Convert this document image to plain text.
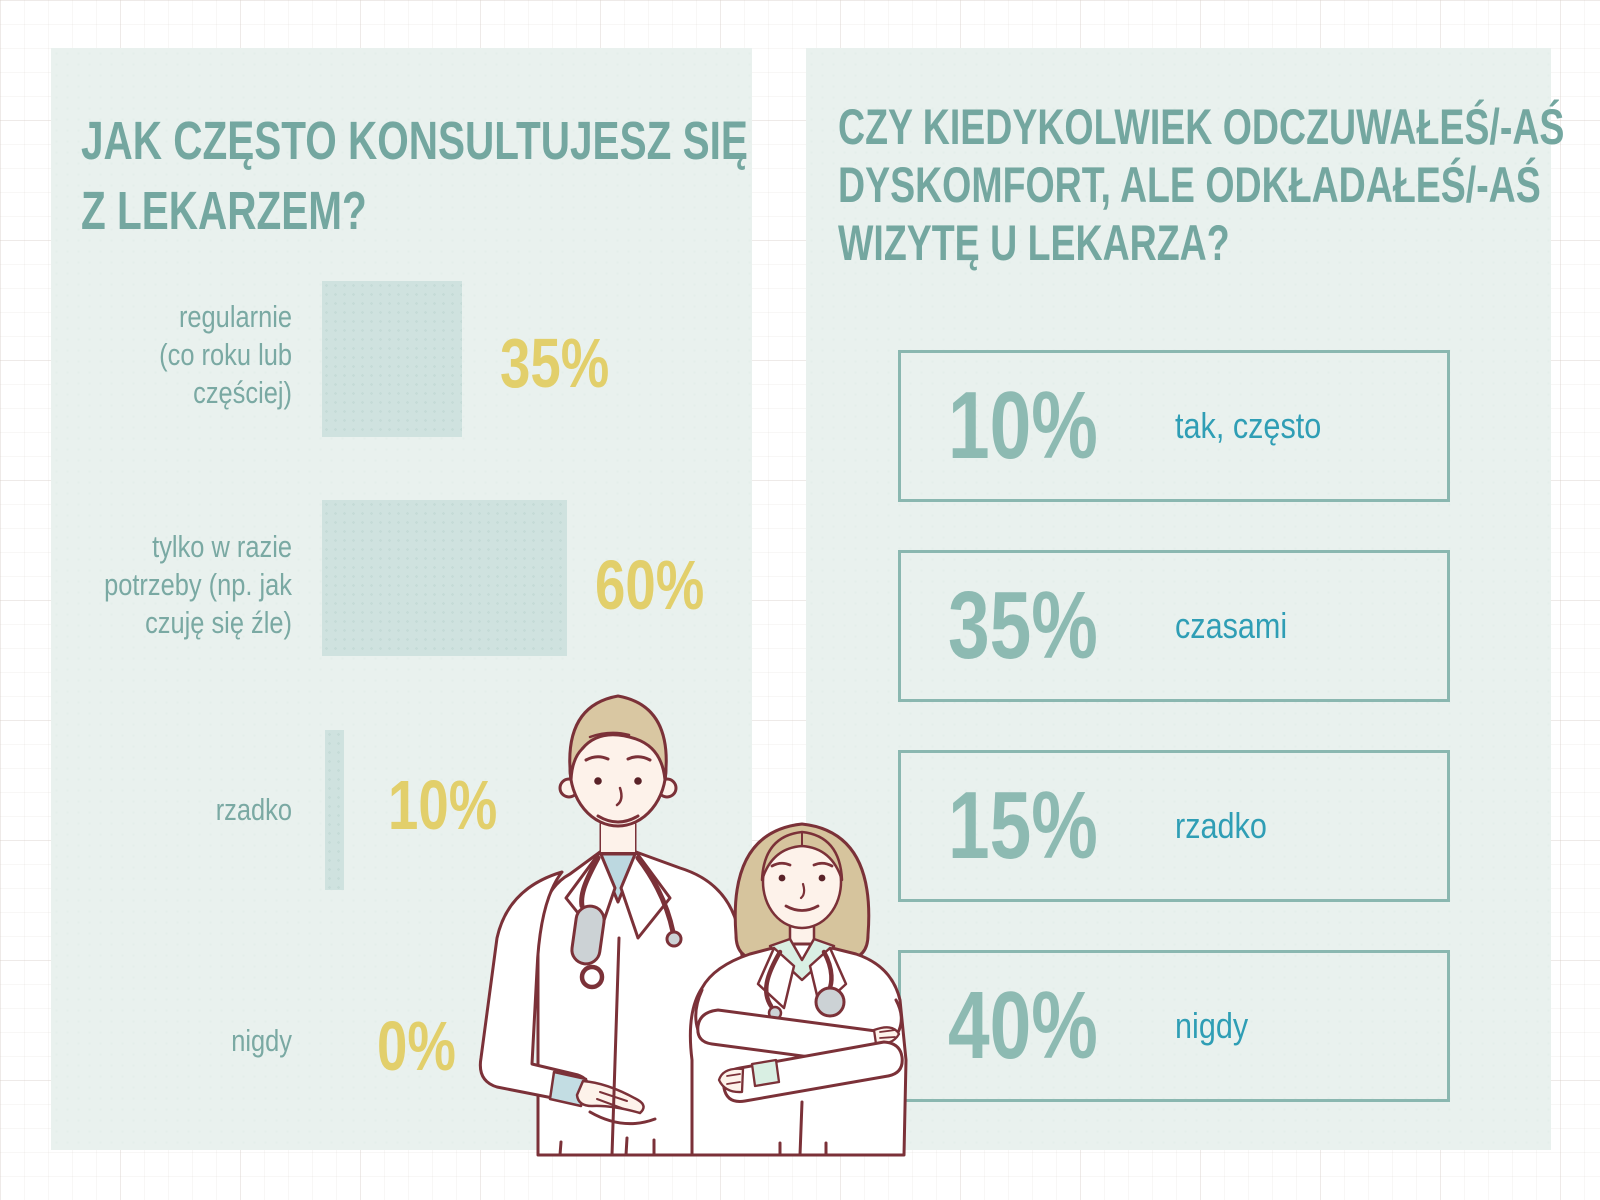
JAK CZĘSTO KONSULTUJESZ SIĘ
Z LEKARZEM?
regularnie
(co roku lub
częściej)	35%
tylko w razie
potrzeby (np. jak
czuję się źle)	60%
rzadko 10%
nigdy 0%
CZY KIEDYKOLWIEK ODCZUWAŁEŚ/-AŚ
DYSKOMFORT, ALE ODKŁADAŁEŚ/-AŚ
WIZYTĘ U LEKARZA?
10%	tak, często
35%	czasami
15%	rzadko
40%	nigdy
